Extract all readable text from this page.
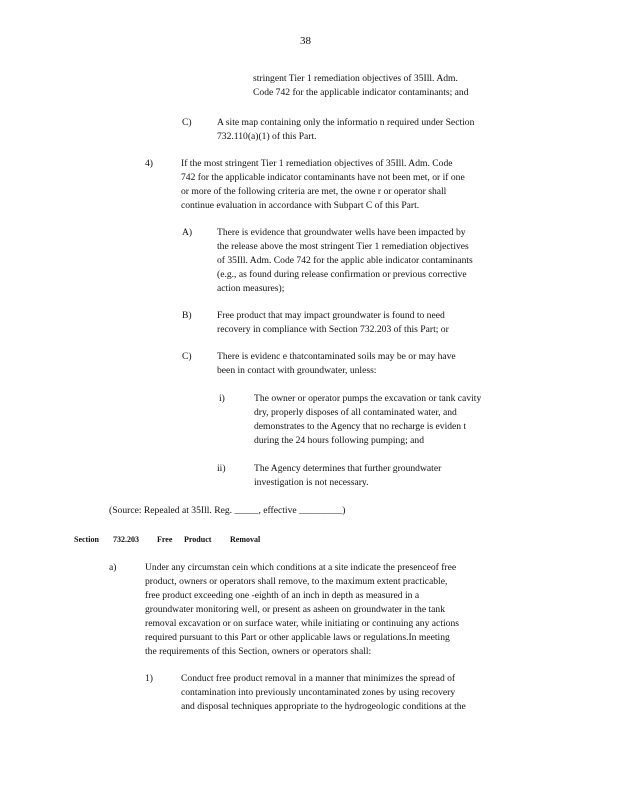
38
stringent Tier 1 remediation objectives of 35Ill. Adm.
Code 742 for the applicable indicator contaminants; and
C)	A site map containing only the informatio n required under Section
732.110(a)(1) of this Part.
4)	If the most stringent Tier 1 remediation objectives of 35Ill. Adm. Code
742 for the applicable indicator contaminants have not been met, or if one
or more of the following criteria are met, the owne r or operator shall
continue evaluation in accordance with Subpart C of this Part.
A)	There is evidence that groundwater wells have been impacted by
the release above the most stringent Tier 1 remediation objectives
of 35Ill. Adm. Code 742 for the applic able indicator contaminants
(e.g., as found during release confirmation or previous corrective
action measures);
B)	Free product that may impact groundwater is found to need
recovery in compliance with Section 732.203 of this Part; or
C)	There is evidenc e thatcontaminated soils may be or may have
been in contact with groundwater, unless:
i)	The owner or operator pumps the excavation or tank cavity
dry, properly disposes of all contaminated water, and
demonstrates to the Agency that no recharge is eviden t
during the 24 hours following pumping; and
ii)	The Agency determines that further groundwater
investigation is not necessary.
(Source: Repealed at 35Ill. Reg. _____, effective _________)
Section 732.203 Free Product Removal
a)	Under any circumstan cein which conditions at a site indicate the presenceof free
product, owners or operators shall remove, to the maximum extent practicable,
free product exceeding one -eighth of an inch in depth as measured in a
groundwater monitoring well, or present as asheen on groundwater in the tank
removal excavation or on surface water, while initiating or continuing any actions
required pursuant to this Part or other applicable laws or regulations.In meeting
the requirements of this Section, owners or operators shall:
1)	Conduct free product removal in a manner that minimizes the spread of
contamination into previously uncontaminated zones by using recovery
and disposal techniques appropriate to the hydrogeologic conditions at the
